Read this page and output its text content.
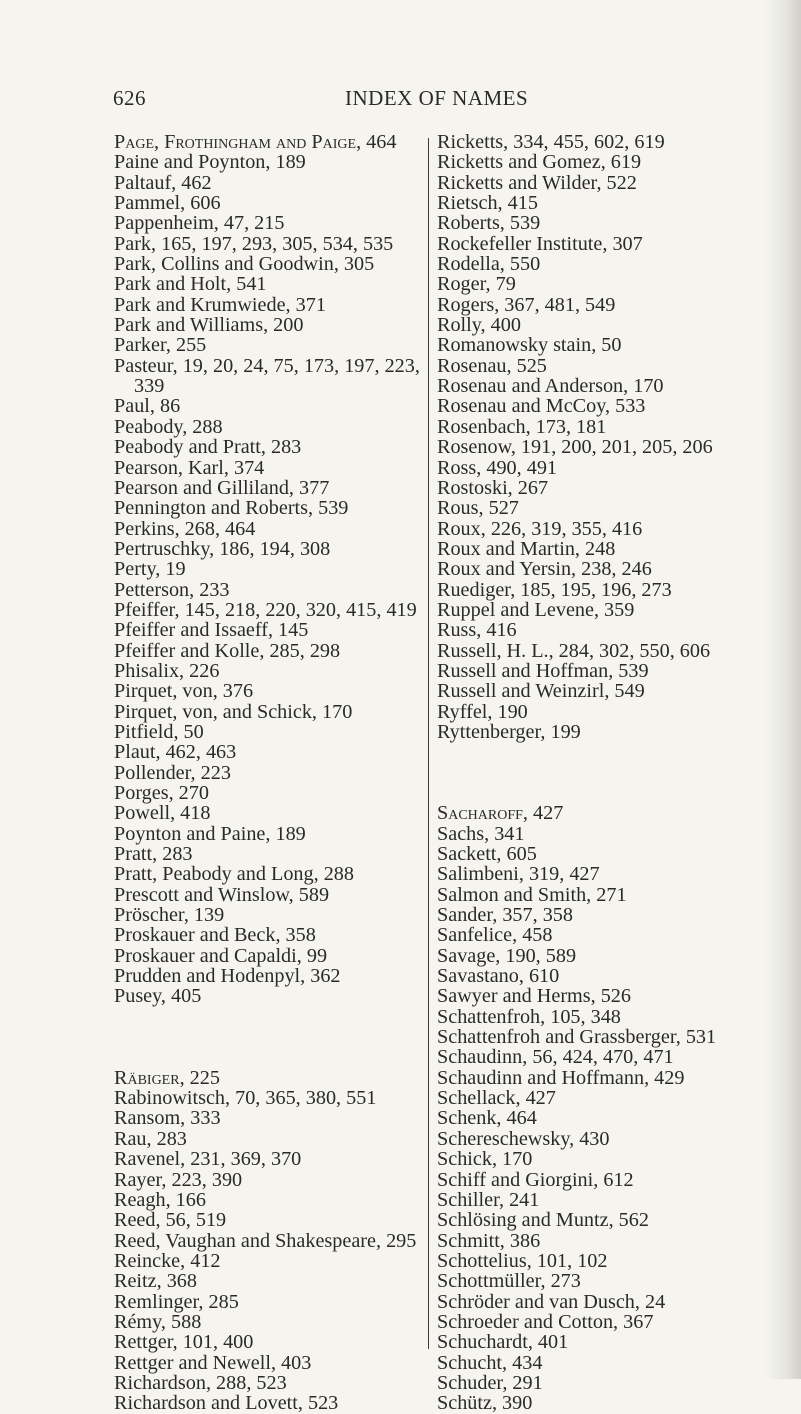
626	INDEX OF NAMES
Page, Frothingham and Paige, 464
Paine and Poynton, 189
Paltauf, 462
Pammel, 606
Pappenheim, 47, 215
Park, 165, 197, 293, 305, 534, 535
Park, Collins and Goodwin, 305
Park and Holt, 541
Park and Krumwiede, 371
Park and Williams, 200
Parker, 255
Pasteur, 19, 20, 24, 75, 173, 197, 223,
339
Paul, 86
Peabody, 288
Peabody and Pratt, 283
Pearson, Karl, 374
Pearson and Gilliland, 377
Pennington and Roberts, 539
Perkins, 268, 464
Pertruschky, 186, 194, 308
Perty, 19
Petterson, 233
Pfeiffer, 145, 218, 220, 320, 415, 419
Pfeiffer and Issaeff, 145
Pfeiffer and Kolle, 285, 298
Phisalix, 226
Pirquet, von, 376
Pirquet, von, and Schick, 170
Pitfield, 50
Plaut, 462, 463
Pollender, 223
Porges, 270
Powell, 418
Poynton and Paine, 189
Pratt, 283
Pratt, Peabody and Long, 288
Prescott and Winslow, 589
Pröscher, 139
Proskauer and Beck, 358
Proskauer and Capaldi, 99
Prudden and Hodenpyl, 362
Pusey, 405
Räbiger, 225
Rabinowitsch, 70, 365, 380, 551
Ransom, 333
Rau, 283
Ravenel, 231, 369, 370
Rayer, 223, 390
Reagh, 166
Reed, 56, 519
Reed, Vaughan and Shakespeare, 295
Reincke, 412
Reitz, 368
Remlinger, 285
Rémy, 588
Rettger, 101, 400
Rettger and Newell, 403
Richardson, 288, 523
Richardson and Lovett, 523
Ricketts, 334, 455, 602, 619
Ricketts and Gomez, 619
Ricketts and Wilder, 522
Rietsch, 415
Roberts, 539
Rockefeller Institute, 307
Rodella, 550
Roger, 79
Rogers, 367, 481, 549
Rolly, 400
Romanowsky stain, 50
Rosenau, 525
Rosenau and Anderson, 170
Rosenau and McCoy, 533
Rosenbach, 173, 181
Rosenow, 191, 200, 201, 205, 206
Ross, 490, 491
Rostoski, 267
Rous, 527
Roux, 226, 319, 355, 416
Roux and Martin, 248
Roux and Yersin, 238, 246
Ruediger, 185, 195, 196, 273
Ruppel and Levene, 359
Russ, 416
Russell, H. L., 284, 302, 550, 606
Russell and Hoffman, 539
Russell and Weinzirl, 549
Ryffel, 190
Ryttenberger, 199
Sacharoff, 427
Sachs, 341
Sackett, 605
Salimbeni, 319, 427
Salmon and Smith, 271
Sander, 357, 358
Sanfelice, 458
Savage, 190, 589
Savastano, 610
Sawyer and Herms, 526
Schattenfroh, 105, 348
Schattenfroh and Grassberger, 531
Schaudinn, 56, 424, 470, 471
Schaudinn and Hoffmann, 429
Schellack, 427
Schenk, 464
Schereschewsky, 430
Schick, 170
Schiff and Giorgini, 612
Schiller, 241
Schlösing and Muntz, 562
Schmitt, 386
Schottelius, 101, 102
Schottmüller, 273
Schröder and van Dusch, 24
Schroeder and Cotton, 367
Schuchardt, 401
Schucht, 434
Schuder, 291
Schütz, 390
